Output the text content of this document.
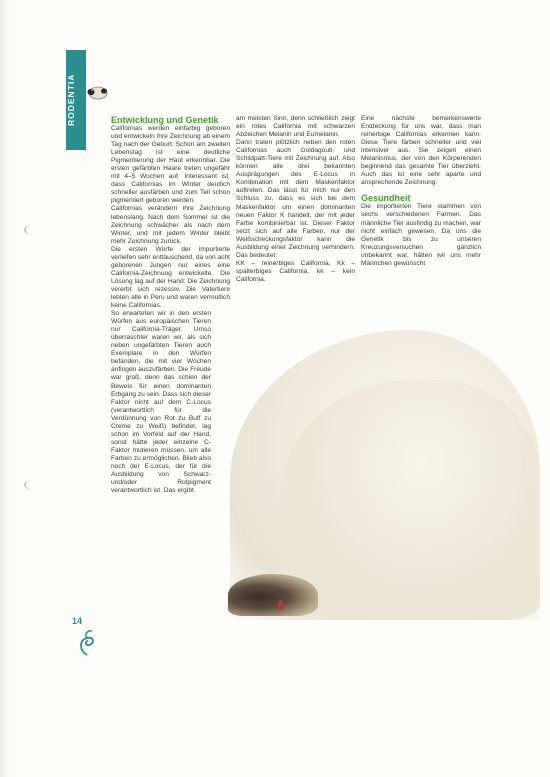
RODENTIA	Entwicklung und Genetik

Californias werden einfarbig geboren und entwickeln ihre Zeichnung ab einem Tag nach der Geburt. Schon am zweiten Lebenstag ist eine deutliche Pigmentierung der Haut erkennbar. Die ersten gefärbten Haare treten ungefähr mit 4–5 Wochen auf. Interessant ist, dass Californias im Winter deutlich schneller ausfärben und zum Teil schon pigmentiert geboren werden.

Californias verändern ihre Zeichnung lebenslang. Nach dem Sommer ist die Zeichnung schwächer als nach dem Winter, und mit jedem Winter bleibt mehr Zeichnung zurück.

Die ersten Würfe der importierte verliefen sehr enttäuschend, da von acht geborenen Jungen nur eines eine California-Zeichnung entwickelte. Die Lösung lag auf der Hand: Die Zeichnung vererbt sich rezessiv. Die Vatertiere lebten alle in Peru und waren vermutlich keine Californias.

So erwarteten wir in den ersten Würfen aus europäischen Tieren nur California-Träger. Umso überraschter waren wir, als sich neben ungefärbten Tieren auch Exemplare in den Würfen befanden, die mit vier Wochen anfingen auszufärben. Die Freude war groß, denn das schien der Beweis für einen dominanten Erbgang zu sein. Dass sich dieser Faktor nicht auf dem C-Locus (verantwortlich für die Verdünnung von Rot zu Buff zu Creme zu Weiß) befindet, lag schon im Vorfeld auf der Hand, sonst hätte jeder einzelne C-Faktor mutieren müssen, um alle Farben zu ermöglichen. Blieb also noch der E-Locus, der für die Ausbildung von Schwarz- und/oder Rotpigment verantwortlich ist. Das ergibt

am meisten Sinn, denn schließlich zeigt ein rotes California mit schwarzen Abzeichen Melanin und Eumelanin.

Dann traten plötzlich neben den roten Californias auch Goldagouti- und Schildpatt-Tiere mit Zeichnung auf. Also können alle drei bekannten Ausprägungen des E-Locus in Kombination mit dem Maskenfaktor auftreten. Das lässt für mich nur den Schluss zu, dass es sich bei dem Maskenfaktor um einen dominanten neuen Faktor K handelt, der mit jeder Farbe kombinierbar ist. Dieser Faktor setzt sich auf alle Farben, nur der Weißscheckungsfaktor kann die Ausbildung einer Zeichnung verhindern. Das bedeutet:

KK – reinerbiges California, Kk – spalterbiges California, kk – kein California.

Eine nächste bemerkenswerte Entdeckung für uns war, dass man reinerbige Californias erkennen kann. Diese Tiere färben schneller und viel intensiver aus. Sie zeigen einen Melanismus, der von den Körperenden beginnend das gesamte Tier überzieht. Auch das ist eine sehr aparte und ansprechende Zeichnung.

Gesundheit

Die importierten Tiere stammen von sechs verschiedenen Farmen. Das männliche Tier ausfindig zu machen, war nicht einfach gewesen. Da uns die Genetik bis zu unseren Kreuzungsversuchen gänzlich unbekannt war, hätten wir uns mehr Männchen gewünscht

14
